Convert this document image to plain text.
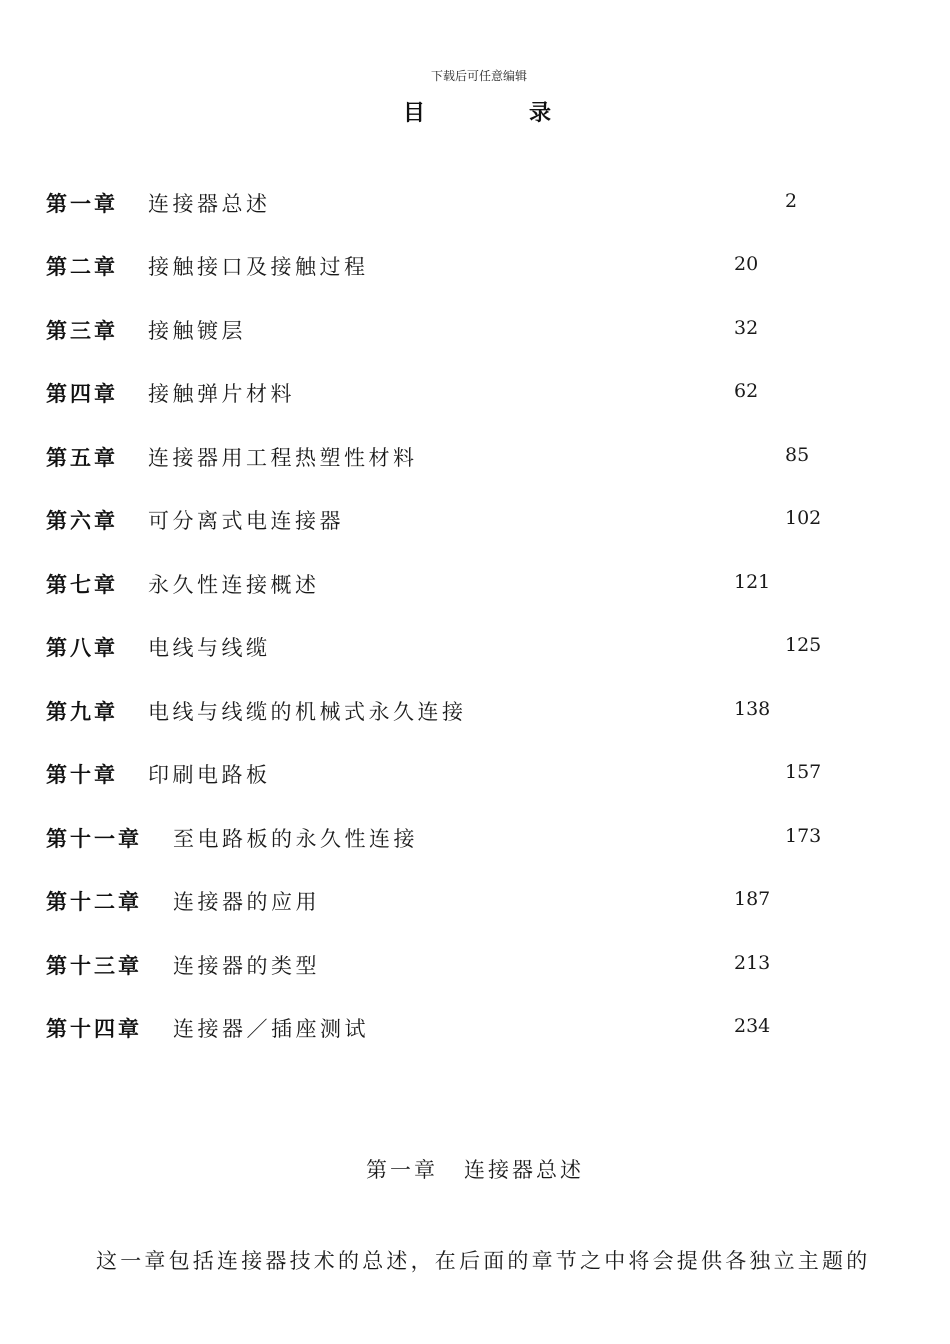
下载后可任意编辑
目	录
第一章 连接器总述	2
第二章 接触接口及接触过程	20
第三章 接触镀层	32
第四章 接触弹片材料	62
第五章 连接器用工程热塑性材料	85
第六章 可分离式电连接器	102
第七章 永久性连接概述	121
第八章 电线与线缆	125
第九章 电线与线缆的机械式永久连接	138
第十章 印刷电路板	157
第十一章 至电路板的永久性连接	173
第十二章 连接器的应用	187
第十三章 连接器的类型	213
第十四章 连接器／插座测试	234
第一章 连接器总述
这一章包括连接器技术的总述，在后面的章节之中将会提供各独立主题的
